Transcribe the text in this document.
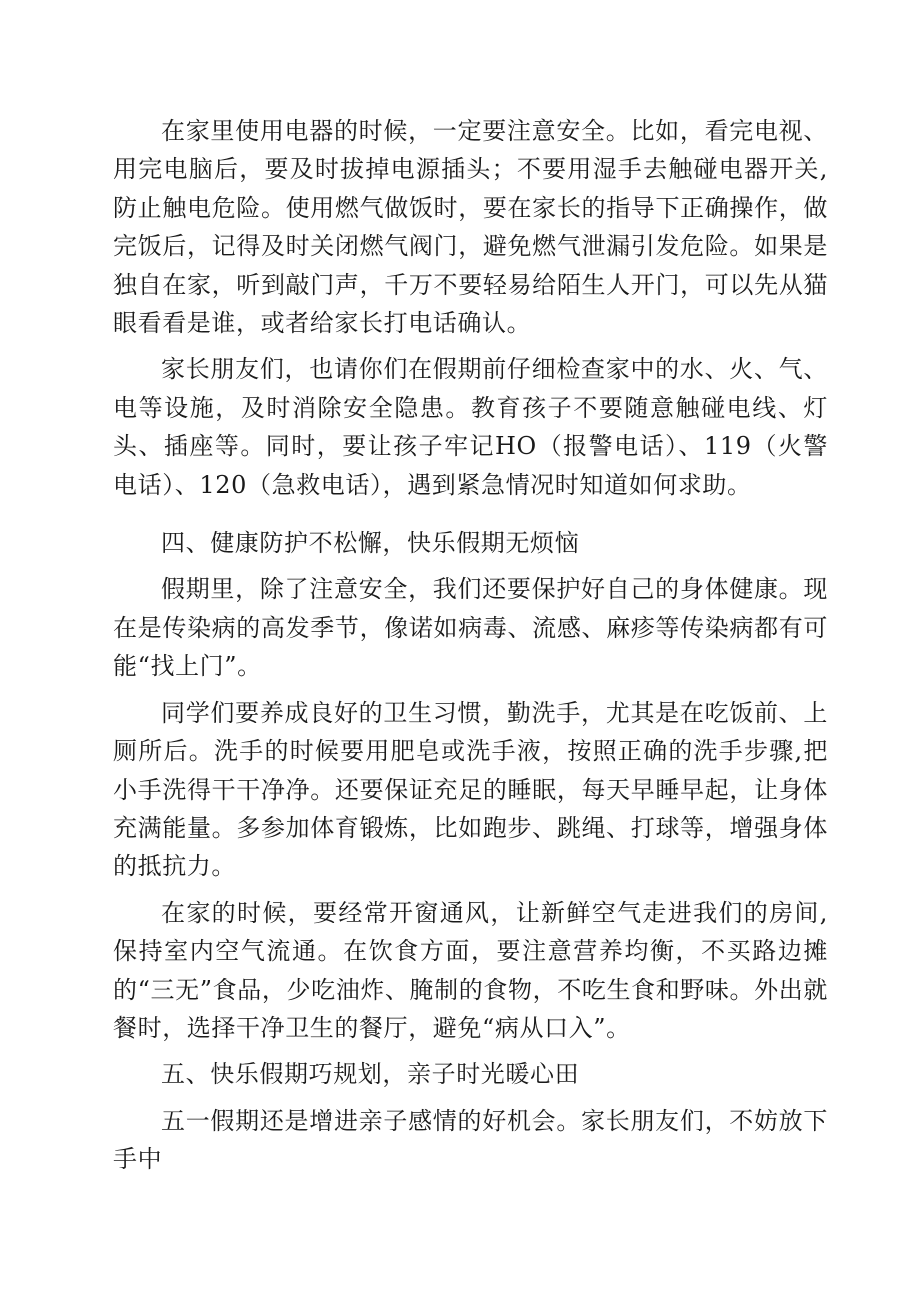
在家里使用电器的时候，一定要注意安全。比如，看完电视、用完电脑后，要及时拔掉电源插头；不要用湿手去触碰电器开关,防止触电危险。使用燃气做饭时，要在家长的指导下正确操作，做完饭后，记得及时关闭燃气阀门，避免燃气泄漏引发危险。如果是独自在家，听到敲门声，千万不要轻易给陌生人开门，可以先从猫眼看看是谁，或者给家长打电话确认。

家长朋友们，也请你们在假期前仔细检查家中的水、火、气、电等设施，及时消除安全隐患。教育孩子不要随意触碰电线、灯头、插座等。同时，要让孩子牢记HO（报警电话）、119（火警电话）、120（急救电话），遇到紧急情况时知道如何求助。

四、健康防护不松懈，快乐假期无烦恼

假期里，除了注意安全，我们还要保护好自己的身体健康。现在是传染病的高发季节，像诺如病毒、流感、麻疹等传染病都有可能“找上门”。

同学们要养成良好的卫生习惯，勤洗手，尤其是在吃饭前、上厕所后。洗手的时候要用肥皂或洗手液，按照正确的洗手步骤,把小手洗得干干净净。还要保证充足的睡眠，每天早睡早起，让身体充满能量。多参加体育锻炼，比如跑步、跳绳、打球等，增强身体的抵抗力。

在家的时候，要经常开窗通风，让新鲜空气走进我们的房间,保持室内空气流通。在饮食方面，要注意营养均衡，不买路边摊的“三无”食品，少吃油炸、腌制的食物，不吃生食和野味。外出就餐时，选择干净卫生的餐厅，避免“病从口入”。

五、快乐假期巧规划，亲子时光暖心田

五一假期还是增进亲子感情的好机会。家长朋友们，不妨放下手中
